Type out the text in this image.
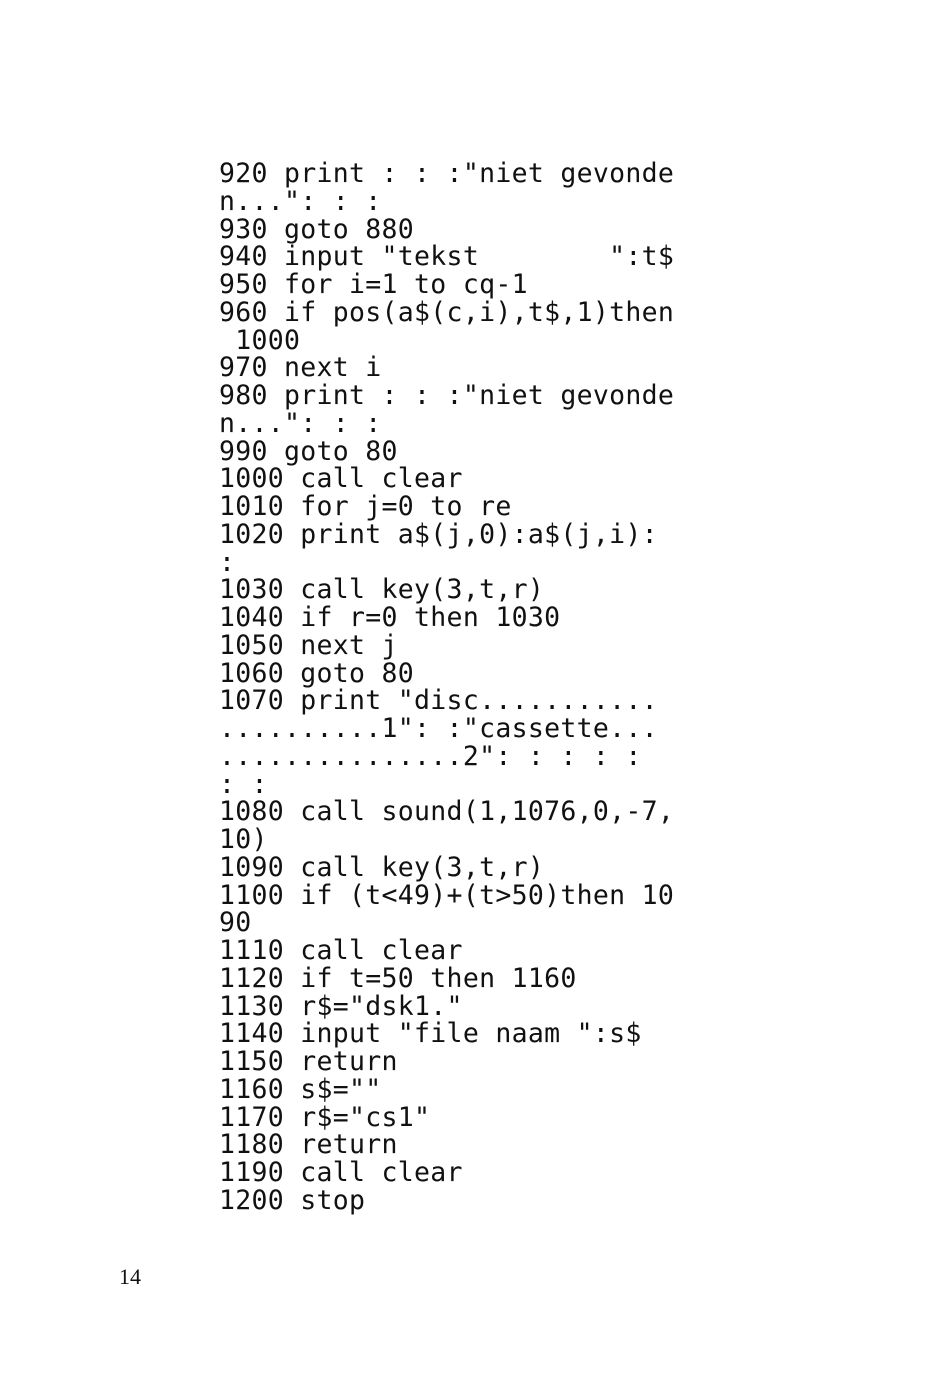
920 print : : :"niet gevonde
n...": : :
930 goto 880
940 input "tekst        ":t$
950 for i=1 to cq-1
960 if pos(a$(c,i),t$,1)then
1000
970 next i
980 print : : :"niet gevonde
n...": : :
990 goto 80
1000 call clear
1010 for j=0 to re
1020 print a$(j,0):a$(j,i):
:
1030 call key(3,t,r)
1040 if r=0 then 1030
1050 next j
1060 goto 80
1070 print "disc...........
..........1": :"cassette...
...............2": : : : :
: :
1080 call sound(1,1076,0,-7,
10)
1090 call key(3,t,r)
1100 if (t<49)+(t>50)then 10
90
1110 call clear
1120 if t=50 then 1160
1130 r$="dsk1."
1140 input "file naam ":s$
1150 return
1160 s$=""
1170 r$="cs1"
1180 return
1190 call clear
1200 stop
14
